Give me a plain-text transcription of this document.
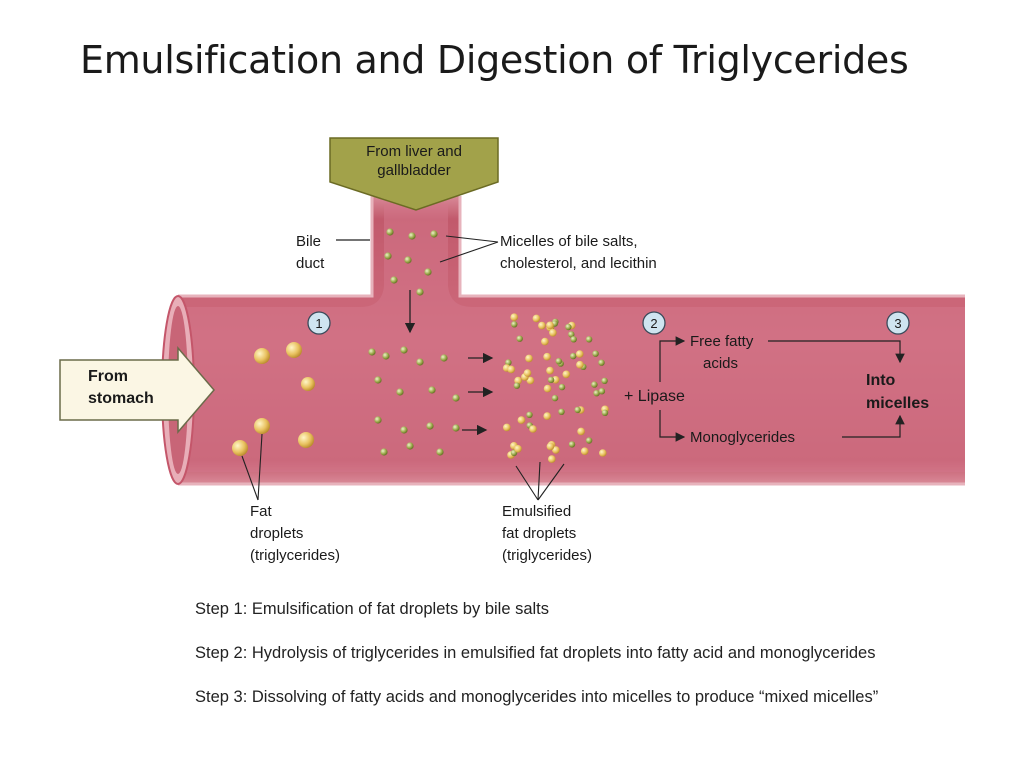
Emulsification and Digestion of Triglycerides
From liver and
gallbladder
From
stomach
Bile
duct
Micelles of bile salts,
cholesterol, and lecithin
1	2	3
+ Lipase
Free fatty
acids
Monoglycerides
Into
micelles
Fat
droplets
(triglycerides)
Emulsified
fat droplets
(triglycerides)
Step 1: Emulsification of fat droplets by bile salts
Step 2: Hydrolysis of triglycerides in emulsified fat droplets into fatty acid and monoglycerides
Step 3: Dissolving of fatty acids and monoglycerides into micelles to produce “mixed micelles”
